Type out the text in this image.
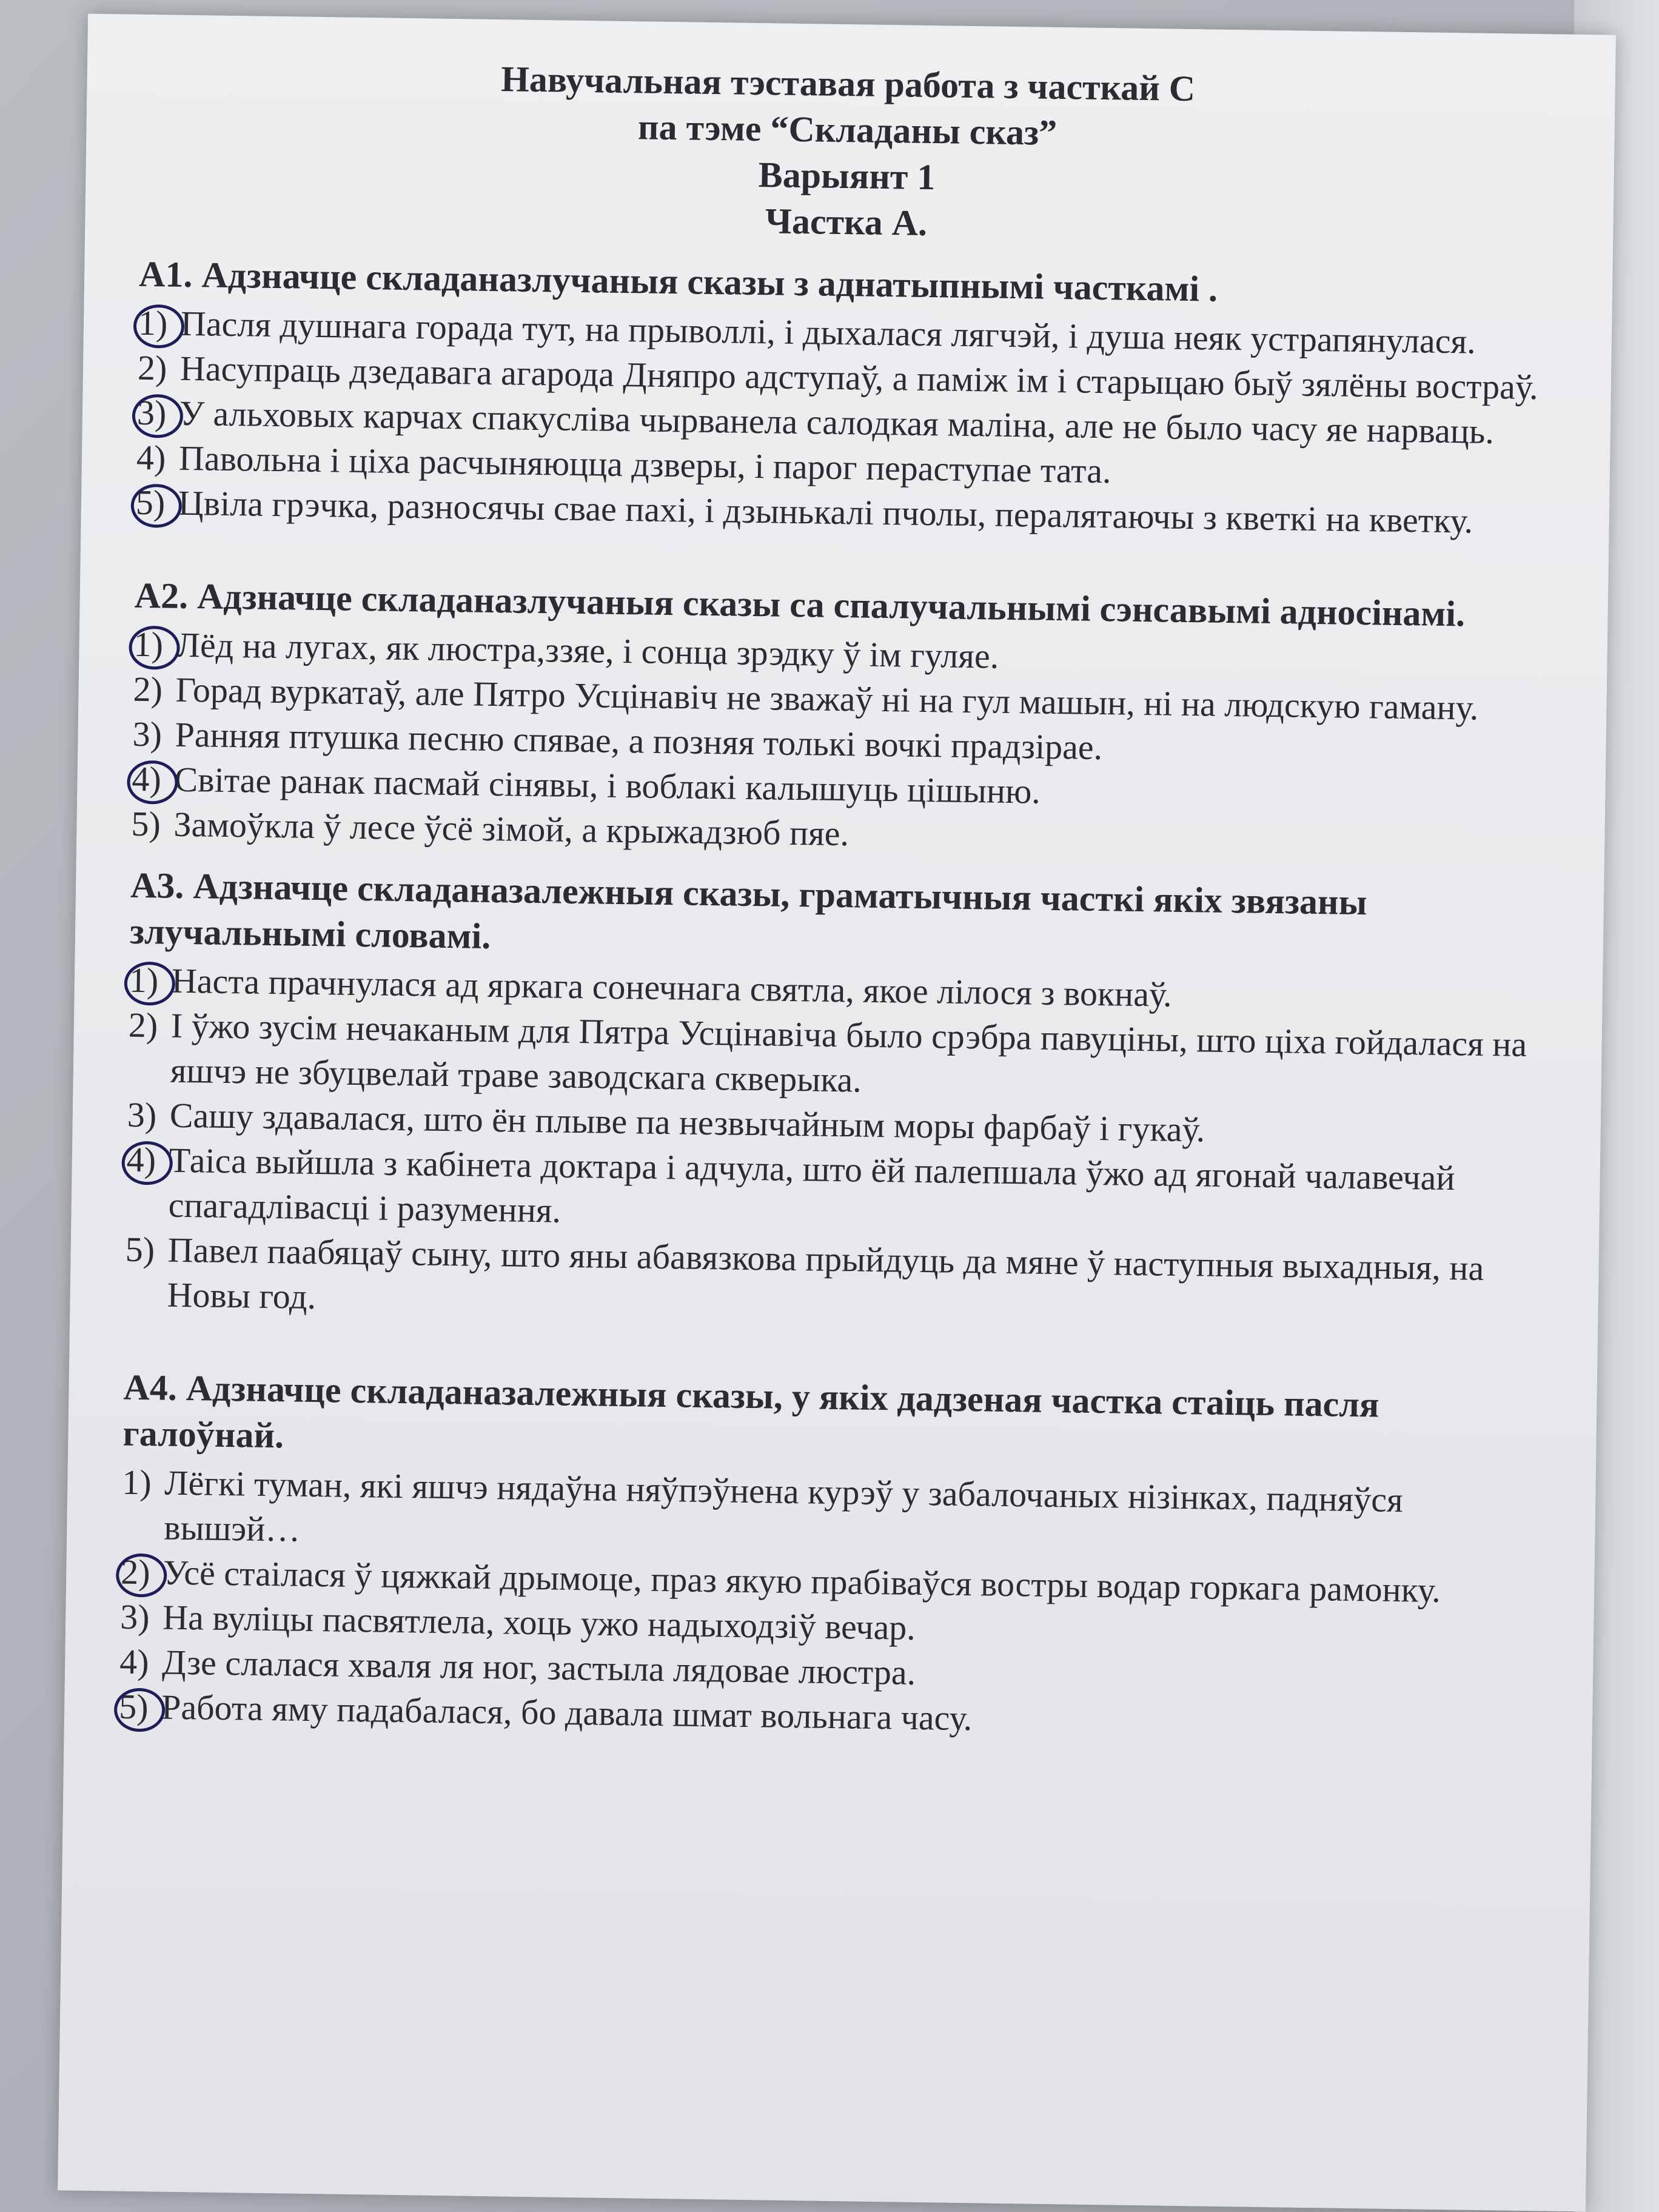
Навучальная тэставая работа з часткай С
па тэме “Складаны сказ”
Варыянт 1
Частка А.
А1. Адзначце складаназлучаныя сказы з аднатыпнымі часткамі .
1) Пасля душнага горада тут, на прыволлі, і дыхалася лягчэй, і душа неяк устрапянулася.
2) Насупраць дзедавага агарода Дняпро адступаў, а паміж ім і старыцаю быў зялёны востраў.
3) У альховых карчах спакусліва чырванела салодкая маліна, але не было часу яе нарваць.
4) Павольна і ціха расчыняюцца дзверы, і парог пераступае тата.
5) Цвіла грэчка, разносячы свае пахі, і дзынькалі пчолы, пералятаючы з кветкі на кветку.
А2. Адзначце складаназлучаныя сказы са спалучальнымі сэнсавымі адносінамі.
1) Лёд на лугах, як люстра,ззяе, і сонца зрэдку ў ім гуляе.
2) Горад вуркатаў, але Пятро Усцінавіч не зважаў ні на гул машын, ні на людскую гаману.
3) Ранняя птушка песню спявае, а позняя толькі вочкі прадзірае.
4) Світае ранак пасмай сінявы, і воблакі калышуць цішыню.
5) Замоўкла ў лесе ўсё зімой, а крыжадзюб пяе.
А3. Адзначце складаназалежныя сказы, граматычныя часткі якіх звязаны злучальнымі словамі.
1) Наста прачнулася ад яркага сонечнага святла, якое лілося з вокнаў.
2) І ўжо зусім нечаканым для Пятра Усцінавіча было срэбра павуціны, што ціха гойдалася на яшчэ не збуцвелай траве заводскага скверыка.
3) Сашу здавалася, што ён плыве па незвычайным моры фарбаў і гукаў.
4) Таіса выйшла з кабінета доктара і адчула, што ёй палепшала ўжо ад ягонай чалавечай спагадлівасці і разумення.
5) Павел паабяцаў сыну, што яны абавязкова прыйдуць да мяне ў наступныя выхадныя, на Новы год.
А4. Адзначце складаназалежныя сказы, у якіх дадзеная частка стаіць пасля галоўнай.
1) Лёгкі туман, які яшчэ нядаўна няўпэўнена курэў у забалочаных нізінках, падняўся вышэй…
2) Усё стаілася ў цяжкай дрымоце, праз якую прабіваўся востры водар горкага рамонку.
3) На вуліцы пасвятлела, хоць ужо надыходзіў вечар.
4) Дзе слалася хваля ля ног, застыла лядовае люстра.
5) Работа яму падабалася, бо давала шмат вольнага часу.
